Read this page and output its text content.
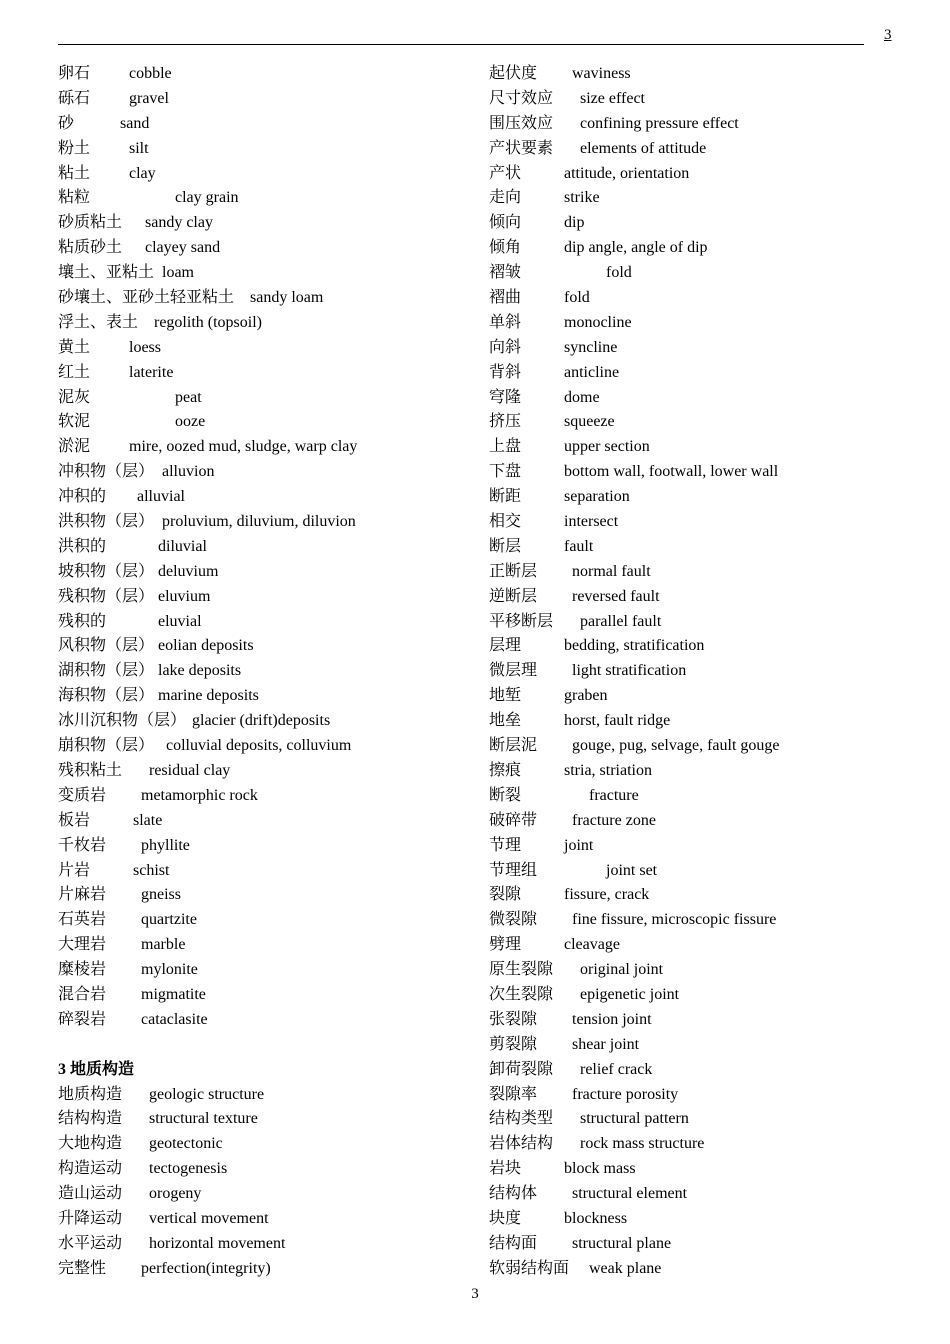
3
卵石 cobble
砾石 gravel
砂	sand
粉土 silt
粘土 clay
粘粒	clay grain
砂质粘土 sandy clay
粘质砂土 clayey sand
壤土、亚粘土 loam
砂壤土、亚砂土轻亚粘土 sandy loam
浮土、表土 regolith (topsoil)
黄土 loess
红土 laterite
泥灰	peat
软泥	ooze
淤泥 mire, oozed mud, sludge, warp clay
冲积物（层） alluvion
冲积的 alluvial
洪积物（层） proluvium, diluvium, diluvion
洪积的	diluvial
坡积物（层） deluvium
残积物（层） eluvium
残积的	eluvial
风积物（层） eolian deposits
湖积物（层） lake deposits
海积物（层） marine deposits
冰川沉积物（层） glacier (drift)deposits
崩积物（层） colluvial deposits, colluvium
残积粘土 residual clay
变质岩 metamorphic rock
板岩	slate
千枚岩 phyllite
片岩	schist
片麻岩 gneiss
石英岩 quartzite
大理岩 marble
糜棱岩 mylonite
混合岩 migmatite
碎裂岩 cataclasite
3 地质构造
地质构造 geologic structure
结构构造 structural texture
大地构造 geotectonic
构造运动 tectogenesis
造山运动 orogeny
升降运动 vertical movement
水平运动 horizontal movement
完整性 perfection(integrity)
起伏度 waviness
尺寸效应 size effect
围压效应 confining pressure effect
产状要素 elements of attitude
产状	attitude, orientation
走向	strike
倾向	dip
倾角	dip angle, angle of dip
褶皱	fold
褶曲	fold
单斜	monocline
向斜	syncline
背斜	anticline
穹隆	dome
挤压	squeeze
上盘	upper section
下盘	bottom wall, footwall, lower wall
断距	separation
相交	intersect
断层	fault
正断层 normal fault
逆断层 reversed fault
平移断层 parallel fault
层理	bedding, stratification
微层理 light stratification
地堑	graben
地垒	horst, fault ridge
断层泥 gouge, pug, selvage, fault gouge
擦痕	stria, striation
断裂	fracture
破碎带 fracture zone
节理	joint
节理组	joint set
裂隙	fissure, crack
微裂隙 fine fissure, microscopic fissure
劈理	cleavage
原生裂隙 original joint
次生裂隙 epigenetic joint
张裂隙 tension joint
剪裂隙 shear joint
卸荷裂隙 relief crack
裂隙率 fracture porosity
结构类型 structural pattern
岩体结构 rock mass structure
岩块	block mass
结构体 structural element
块度	blockness
结构面 structural plane
软弱结构面 weak plane
3
